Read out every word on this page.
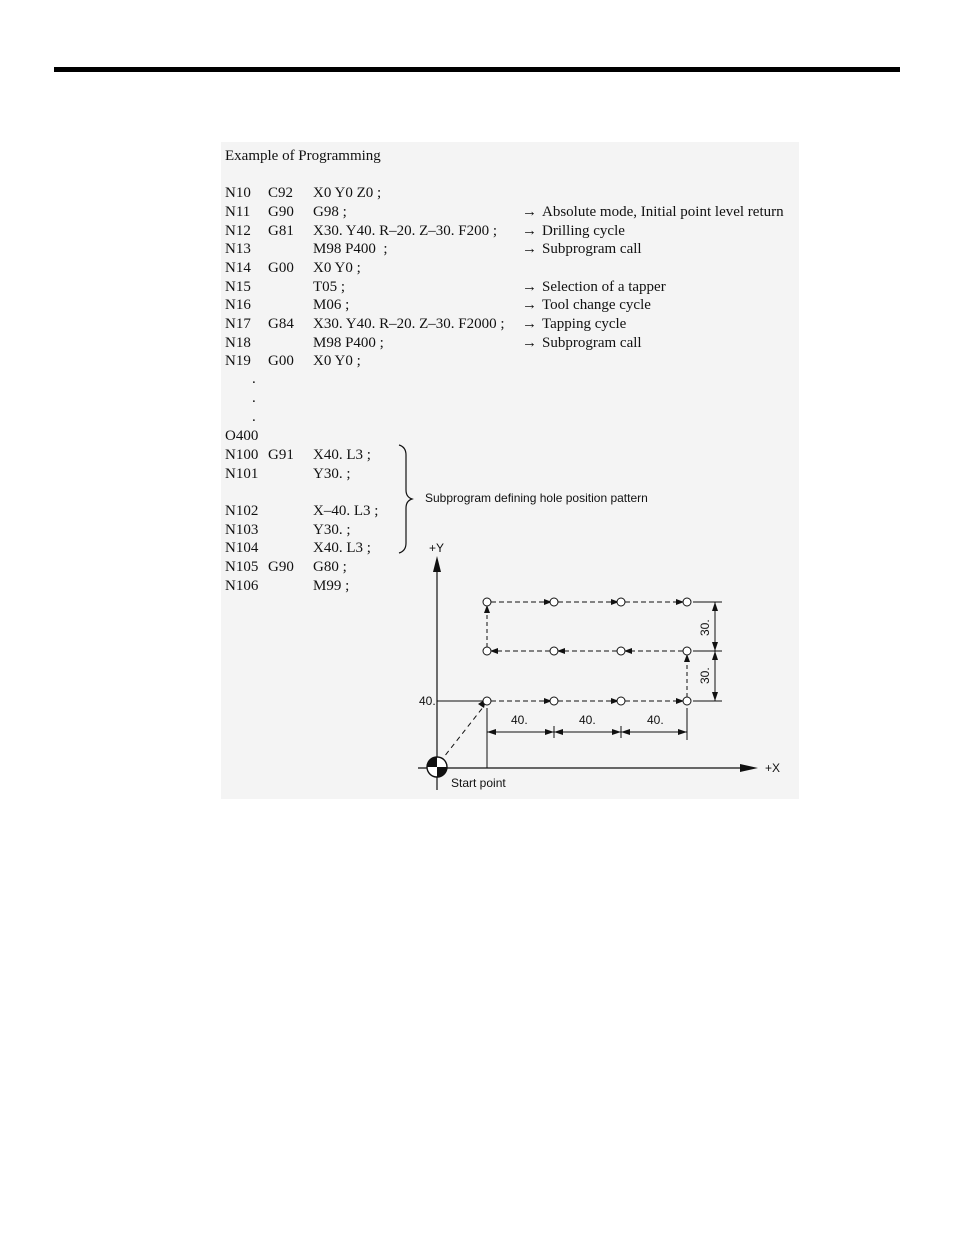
Example of Programming
N10 C92 X0 Y0 Z0 ;
N11 G90 G98 ;	→ Absolute mode, Initial point level return
N12 G81 X30. Y40. R–20. Z–30. F200 ; → Drilling cycle
N13	M98 P400  ;	→ Subprogram call
N14 G00 X0 Y0 ;
N15	T05 ;	→ Selection of a tapper
N16	M06 ;	→ Tool change cycle
N17 G84 X30. Y40. R–20. Z–30. F2000 ; → Tapping cycle
N18	M98 P400 ;	→ Subprogram call
N19 G00 X0 Y0 ;
.
.
.
O400
N100 G91 X40. L3 ;
N101	Y30. ;
N102	X–40. L3 ;
N103	Y30. ;
N104	X40. L3 ;
N105 G90 G80 ;
N106	M99 ;
Subprogram defining hole position pattern
+Y
+X
Start point
40.
40.	40.	40.
30.
30.
